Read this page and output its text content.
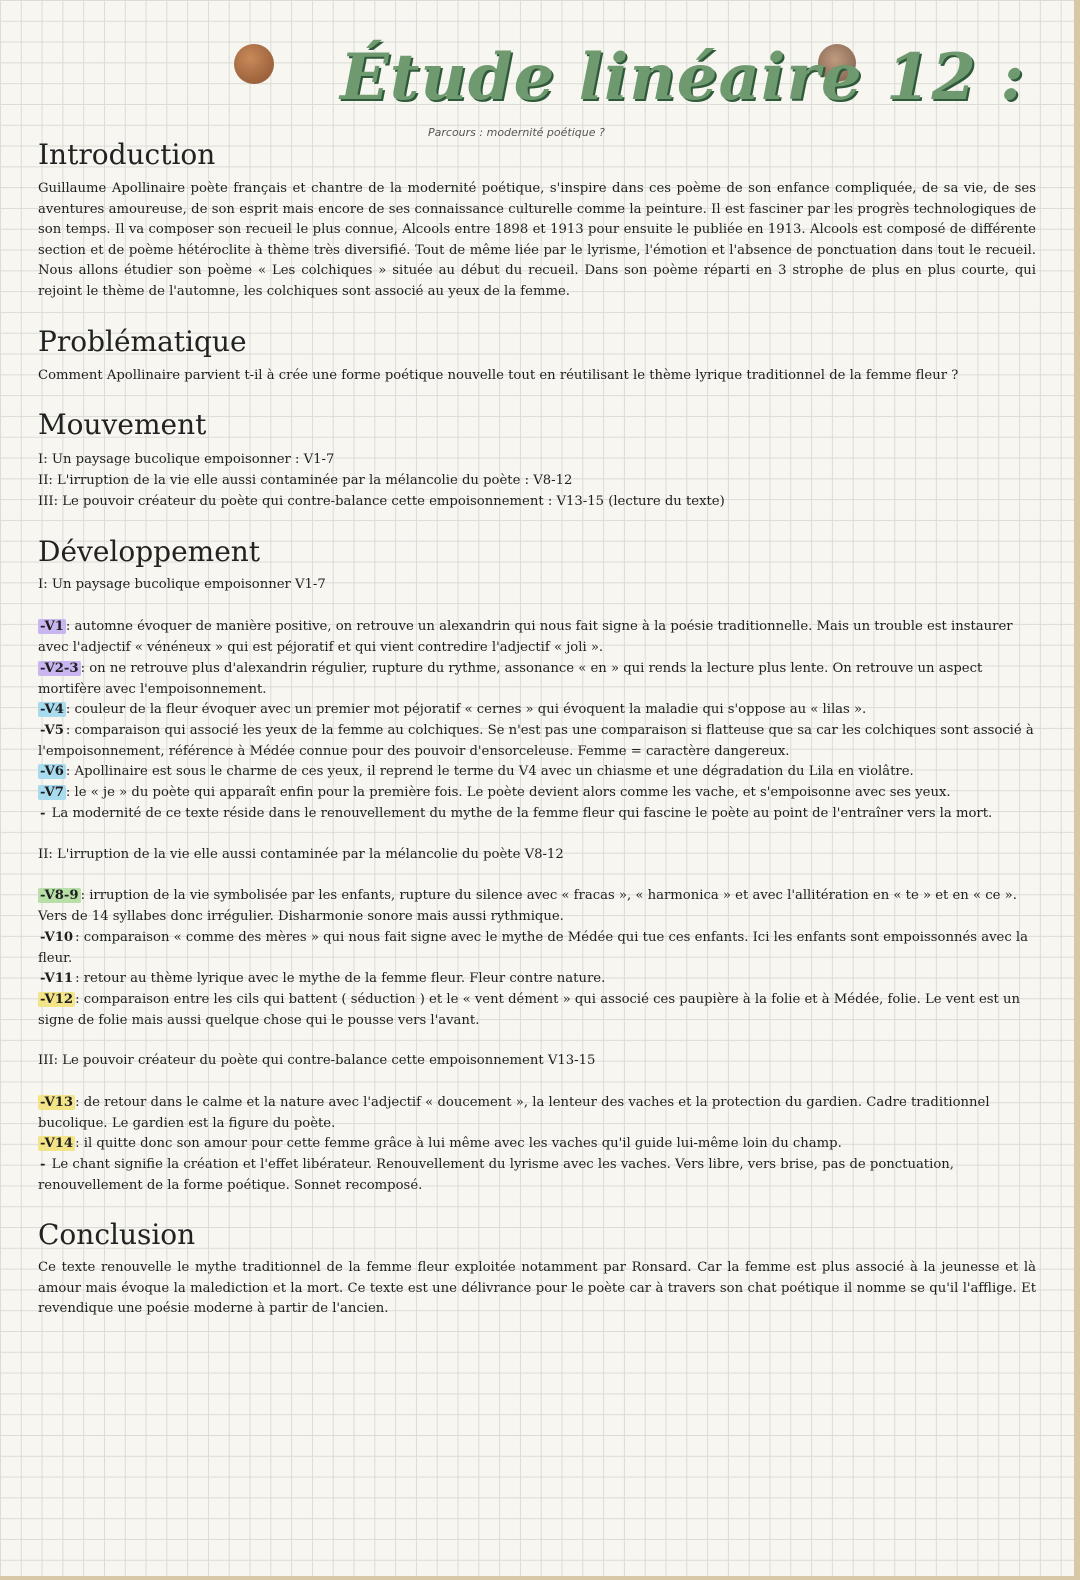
Étude linéaire 12 :
Parcours : modernité poétique ?
Introduction

Guillaume Apollinaire poète français et chantre de la modernité poétique, s'inspire dans ces poème de son enfance compliquée, de sa vie, de ses aventures amoureuse, de son esprit mais encore de ses connaissance culturelle comme la peinture. Il est fasciner par les progrès technologiques de son temps. Il va composer son recueil le plus connue, Alcools entre 1898 et 1913 pour ensuite le publiée en 1913. Alcools est composé de différente section et de poème hétéroclite à thème très diversifié. Tout de même liée par le lyrisme, l'émotion et l'absence de ponctuation dans tout le recueil. Nous allons étudier son poème « Les colchiques » située au début du recueil. Dans son poème réparti en 3 strophe de plus en plus courte, qui rejoint le thème de l'automne, les colchiques sont associé au yeux de la femme.

Problématique

Comment Apollinaire parvient t-il à crée une forme poétique nouvelle tout en réutilisant le thème lyrique traditionnel de la femme fleur ?

Mouvement

I: Un paysage bucolique empoisonner : V1-7

II: L'irruption de la vie elle aussi contaminée par la mélancolie du poète : V8-12

III: Le pouvoir créateur du poète qui contre-balance cette empoisonnement : V13-15 (lecture du texte)

Développement

I: Un paysage bucolique empoisonner V1-7

-V1 : automne évoquer de manière positive, on retrouve un alexandrin qui nous fait signe à la poésie traditionnelle. Mais un trouble est instaurer avec l'adjectif « vénéneux » qui est péjoratif et qui vient contredire l'adjectif « joli ».

-V2-3 : on ne retrouve plus d'alexandrin régulier, rupture du rythme, assonance « en » qui rends la lecture plus lente. On retrouve un aspect mortifère avec l'empoisonnement.

-V4 : couleur de la fleur évoquer avec un premier mot péjoratif « cernes » qui évoquent la maladie qui s'oppose au « lilas ».

-V5 : comparaison qui associé les yeux de la femme au colchiques. Se n'est pas une comparaison si flatteuse que sa car les colchiques sont associé à l'empoisonnement, référence à Médée connue pour des pouvoir d'ensorceleuse. Femme = caractère dangereux.

-V6 : Apollinaire est sous le charme de ces yeux, il reprend le terme du V4 avec un chiasme et une dégradation du Lila en violâtre.

-V7 : le « je » du poète qui apparaît enfin pour la première fois. Le poète devient alors comme les vache, et s'empoisonne avec ses yeux.

- La modernité de ce texte réside dans le renouvellement du mythe de la femme fleur qui fascine le poète au point de l'entraîner vers la mort.

II: L'irruption de la vie elle aussi contaminée par la mélancolie du poète V8-12

-V8-9 : irruption de la vie symbolisée par les enfants, rupture du silence avec « fracas », « harmonica » et avec l'allitération en « te » et en « ce ». Vers de 14 syllabes donc irrégulier. Disharmonie sonore mais aussi rythmique.

-V10 : comparaison « comme des mères » qui nous fait signe avec le mythe de Médée qui tue ces enfants. Ici les enfants sont empoissonnés avec la fleur.

-V11 : retour au thème lyrique avec le mythe de la femme fleur. Fleur contre nature.

-V12 : comparaison entre les cils qui battent ( séduction ) et le « vent dément » qui associé ces paupière à la folie et à Médée, folie. Le vent est un signe de folie mais aussi quelque chose qui le pousse vers l'avant.

III: Le pouvoir créateur du poète qui contre-balance cette empoisonnement V13-15

-V13 : de retour dans le calme et la nature avec l'adjectif « doucement », la lenteur des vaches et la protection du gardien. Cadre traditionnel bucolique. Le gardien est la figure du poète.

-V14 : il quitte donc son amour pour cette femme grâce à lui même avec les vaches qu'il guide lui-même loin du champ.

- Le chant signifie la création et l'effet libérateur. Renouvellement du lyrisme avec les vaches. Vers libre, vers brise, pas de ponctuation, renouvellement de la forme poétique. Sonnet recomposé.

Conclusion

Ce texte renouvelle le mythe traditionnel de la femme fleur exploitée notamment par Ronsard. Car la femme est plus associé à la jeunesse et là amour mais évoque la malediction et la mort. Ce texte est une délivrance pour le poète car à travers son chat poétique il nomme se qu'il l'afflige. Et revendique une poésie moderne à partir de l'ancien.
